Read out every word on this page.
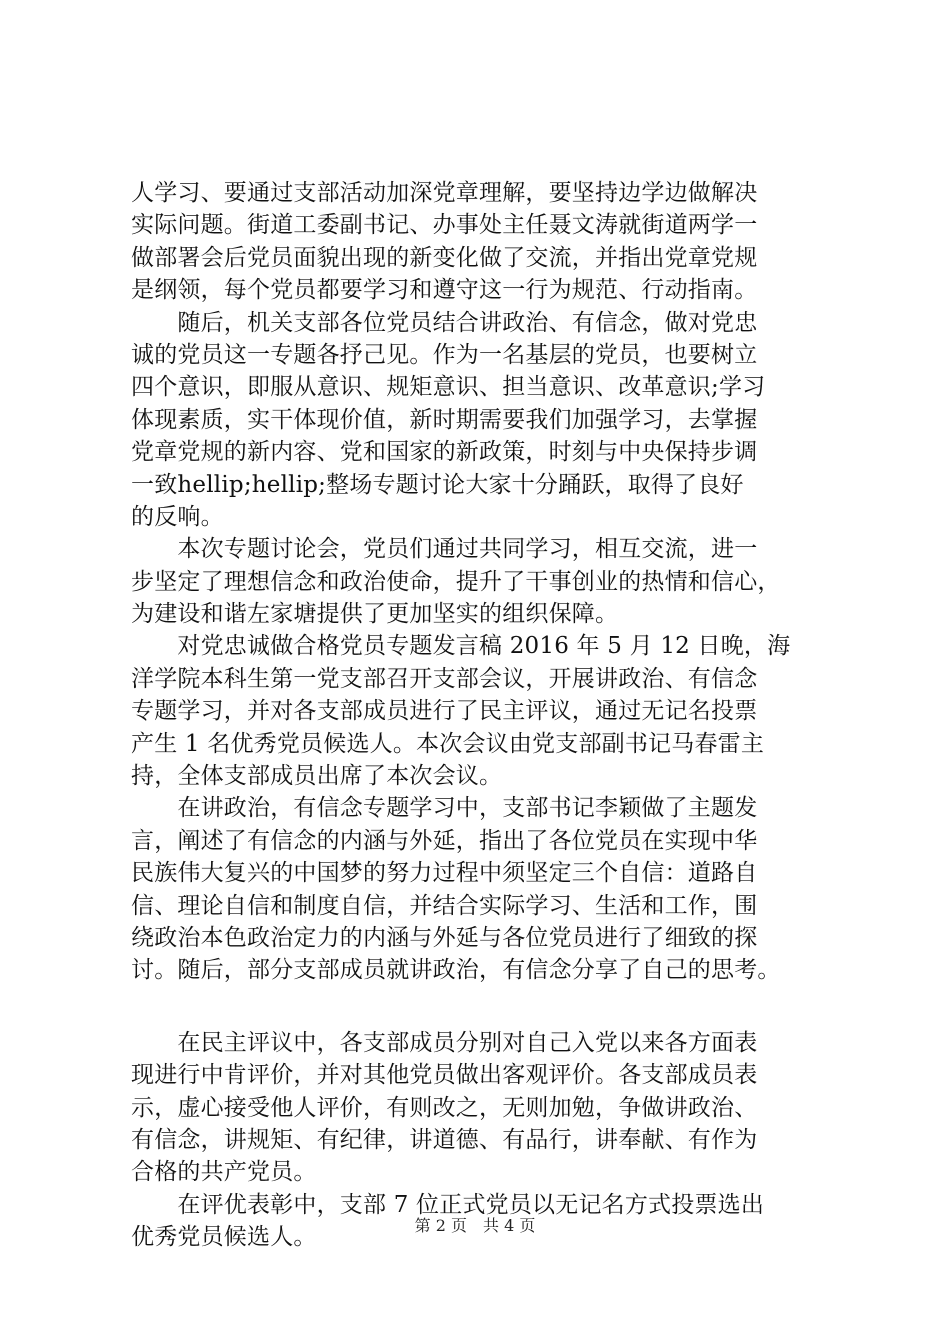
人学习、要通过支部活动加深党章理解，要坚持边学边做解决
实际问题。街道工委副书记、办事处主任聂文涛就街道两学一
做部署会后党员面貌出现的新变化做了交流，并指出党章党规
是纲领，每个党员都要学习和遵守这一行为规范、行动指南。
　　随后，机关支部各位党员结合讲政治、有信念，做对党忠
诚的党员这一专题各抒己见。作为一名基层的党员，也要树立
四个意识，即服从意识、规矩意识、担当意识、改革意识;学习
体现素质，实干体现价值，新时期需要我们加强学习，去掌握
党章党规的新内容、党和国家的新政策，时刻与中央保持步调
一致hellip;hellip;整场专题讨论大家十分踊跃，取得了良好
的反响。
　　本次专题讨论会，党员们通过共同学习，相互交流，进一
步坚定了理想信念和政治使命，提升了干事创业的热情和信心，
为建设和谐左家塘提供了更加坚实的组织保障。
　　对党忠诚做合格党员专题发言稿 2016 年 5 月 12 日晚，海
洋学院本科生第一党支部召开支部会议，开展讲政治、有信念
专题学习，并对各支部成员进行了民主评议，通过无记名投票
产生 1 名优秀党员候选人。本次会议由党支部副书记马春雷主
持，全体支部成员出席了本次会议。
　　在讲政治，有信念专题学习中，支部书记李颖做了主题发
言，阐述了有信念的内涵与外延，指出了各位党员在实现中华
民族伟大复兴的中国梦的努力过程中须坚定三个自信：道路自
信、理论自信和制度自信，并结合实际学习、生活和工作，围
绕政治本色政治定力的内涵与外延与各位党员进行了细致的探
讨。随后，部分支部成员就讲政治，有信念分享了自己的思考。
　　在民主评议中，各支部成员分别对自己入党以来各方面表
现进行中肯评价，并对其他党员做出客观评价。各支部成员表
示，虚心接受他人评价，有则改之，无则加勉，争做讲政治、
有信念，讲规矩、有纪律，讲道德、有品行，讲奉献、有作为
合格的共产党员。
　　在评优表彰中，支部 7 位正式党员以无记名方式投票选出
优秀党员候选人。	第 2 页　共 4 页
